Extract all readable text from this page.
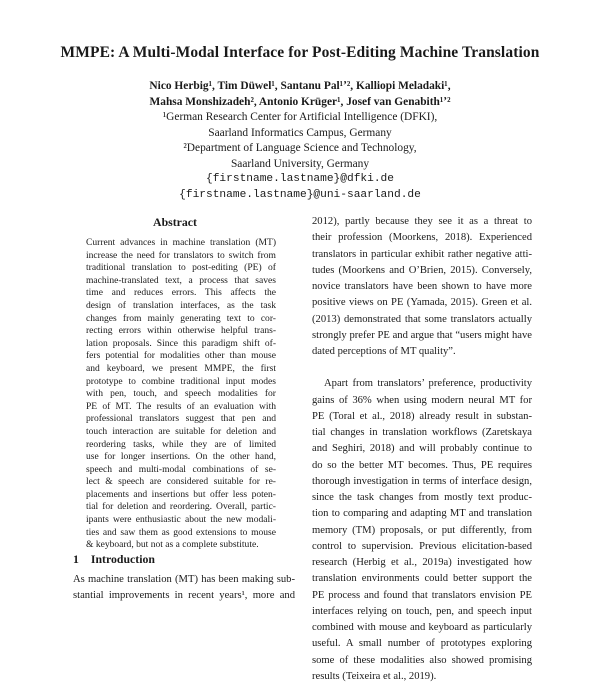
MMPE: A Multi-Modal Interface for Post-Editing Machine Translation
Nico Herbig¹, Tim Düwel¹, Santanu Pal¹ʼ², Kalliopi Meladaki¹,
Mahsa Monshizadeh², Antonio Krüger¹, Josef van Genabith¹ʼ²
¹German Research Center for Artificial Intelligence (DFKI),
Saarland Informatics Campus, Germany
²Department of Language Science and Technology,
Saarland University, Germany
{firstname.lastname}@dfki.de
{firstname.lastname}@uni-saarland.de
Abstract
Current advances in machine translation (MT)
increase the need for translators to switch from
traditional translation to post-editing (PE) of
machine-translated text, a process that saves
time and reduces errors. This affects the
design of translation interfaces, as the task
changes from mainly generating text to cor-
recting errors within otherwise helpful trans-
lation proposals. Since this paradigm shift of-
fers potential for modalities other than mouse
and keyboard, we present MMPE, the first
prototype to combine traditional input modes
with pen, touch, and speech modalities for
PE of MT. The results of an evaluation with
professional translators suggest that pen and
touch interaction are suitable for deletion and
reordering tasks, while they are of limited
use for longer insertions. On the other hand,
speech and multi-modal combinations of se-
lect & speech are considered suitable for re-
placements and insertions but offer less poten-
tial for deletion and reordering. Overall, partic-
ipants were enthusiastic about the new modali-
ties and saw them as good extensions to mouse
& keyboard, but not as a complete substitute.
1 Introduction
As machine translation (MT) has been making sub-
stantial improvements in recent years¹, more and
2012), partly because they see it as a threat to
their profession (Moorkens, 2018). Experienced
translators in particular exhibit rather negative atti-
tudes (Moorkens and O’Brien, 2015). Conversely,
novice translators have been shown to have more
positive views on PE (Yamada, 2015). Green et al.
(2013) demonstrated that some translators actually
strongly prefer PE and argue that “users might have
dated perceptions of MT quality”.
Apart from translators’ preference, productivity
gains of 36% when using modern neural MT for
PE (Toral et al., 2018) already result in substan-
tial changes in translation workflows (Zaretskaya
and Seghiri, 2018) and will probably continue to
do so the better MT becomes. Thus, PE requires
thorough investigation in terms of interface design,
since the task changes from mostly text produc-
tion to comparing and adapting MT and translation
memory (TM) proposals, or put differently, from
control to supervision. Previous elicitation-based
research (Herbig et al., 2019a) investigated how
translation environments could better support the
PE process and found that translators envision PE
interfaces relying on touch, pen, and speech input
combined with mouse and keyboard as particularly
useful. A small number of prototypes exploring
some of these modalities also showed promising
results (Teixeira et al., 2019).
